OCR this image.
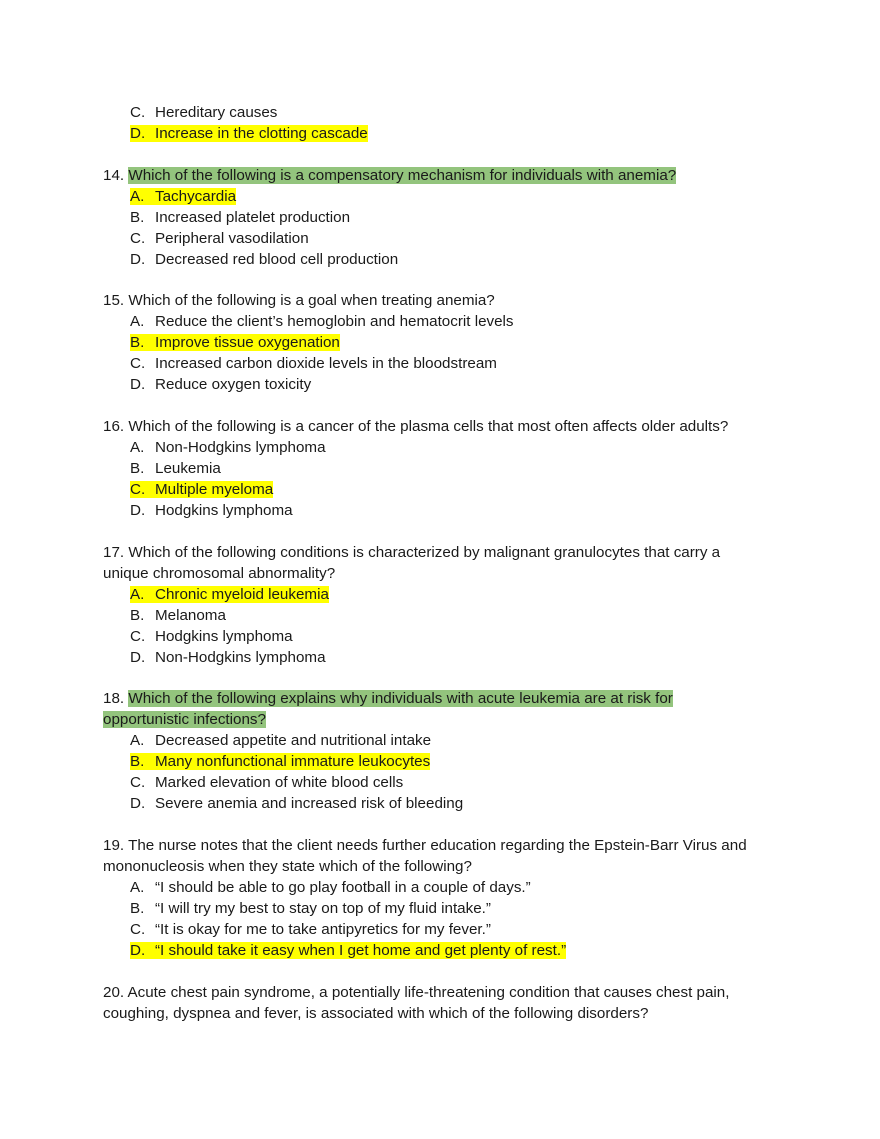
C. Hereditary causes
D. Increase in the clotting cascade
14. Which of the following is a compensatory mechanism for individuals with anemia?
A. Tachycardia
B. Increased platelet production
C. Peripheral vasodilation
D. Decreased red blood cell production
15. Which of the following is a goal when treating anemia?
A. Reduce the client’s hemoglobin and hematocrit levels
B. Improve tissue oxygenation
C. Increased carbon dioxide levels in the bloodstream
D. Reduce oxygen toxicity
16. Which of the following is a cancer of the plasma cells that most often affects older adults?
A. Non-Hodgkins lymphoma
B. Leukemia
C. Multiple myeloma
D. Hodgkins lymphoma
17. Which of the following conditions is characterized by malignant granulocytes that carry a
unique chromosomal abnormality?
A. Chronic myeloid leukemia
B. Melanoma
C. Hodgkins lymphoma
D. Non-Hodgkins lymphoma
18. Which of the following explains why individuals with acute leukemia are at risk for
opportunistic infections?
A. Decreased appetite and nutritional intake
B. Many nonfunctional immature leukocytes
C. Marked elevation of white blood cells
D. Severe anemia and increased risk of bleeding
19. The nurse notes that the client needs further education regarding the Epstein-Barr Virus and
mononucleosis when they state which of the following?
A. “I should be able to go play football in a couple of days.”
B. “I will try my best to stay on top of my fluid intake.”
C. “It is okay for me to take antipyretics for my fever.”
D. “I should take it easy when I get home and get plenty of rest.”
20. Acute chest pain syndrome, a potentially life-threatening condition that causes chest pain,
coughing, dyspnea and fever, is associated with which of the following disorders?
